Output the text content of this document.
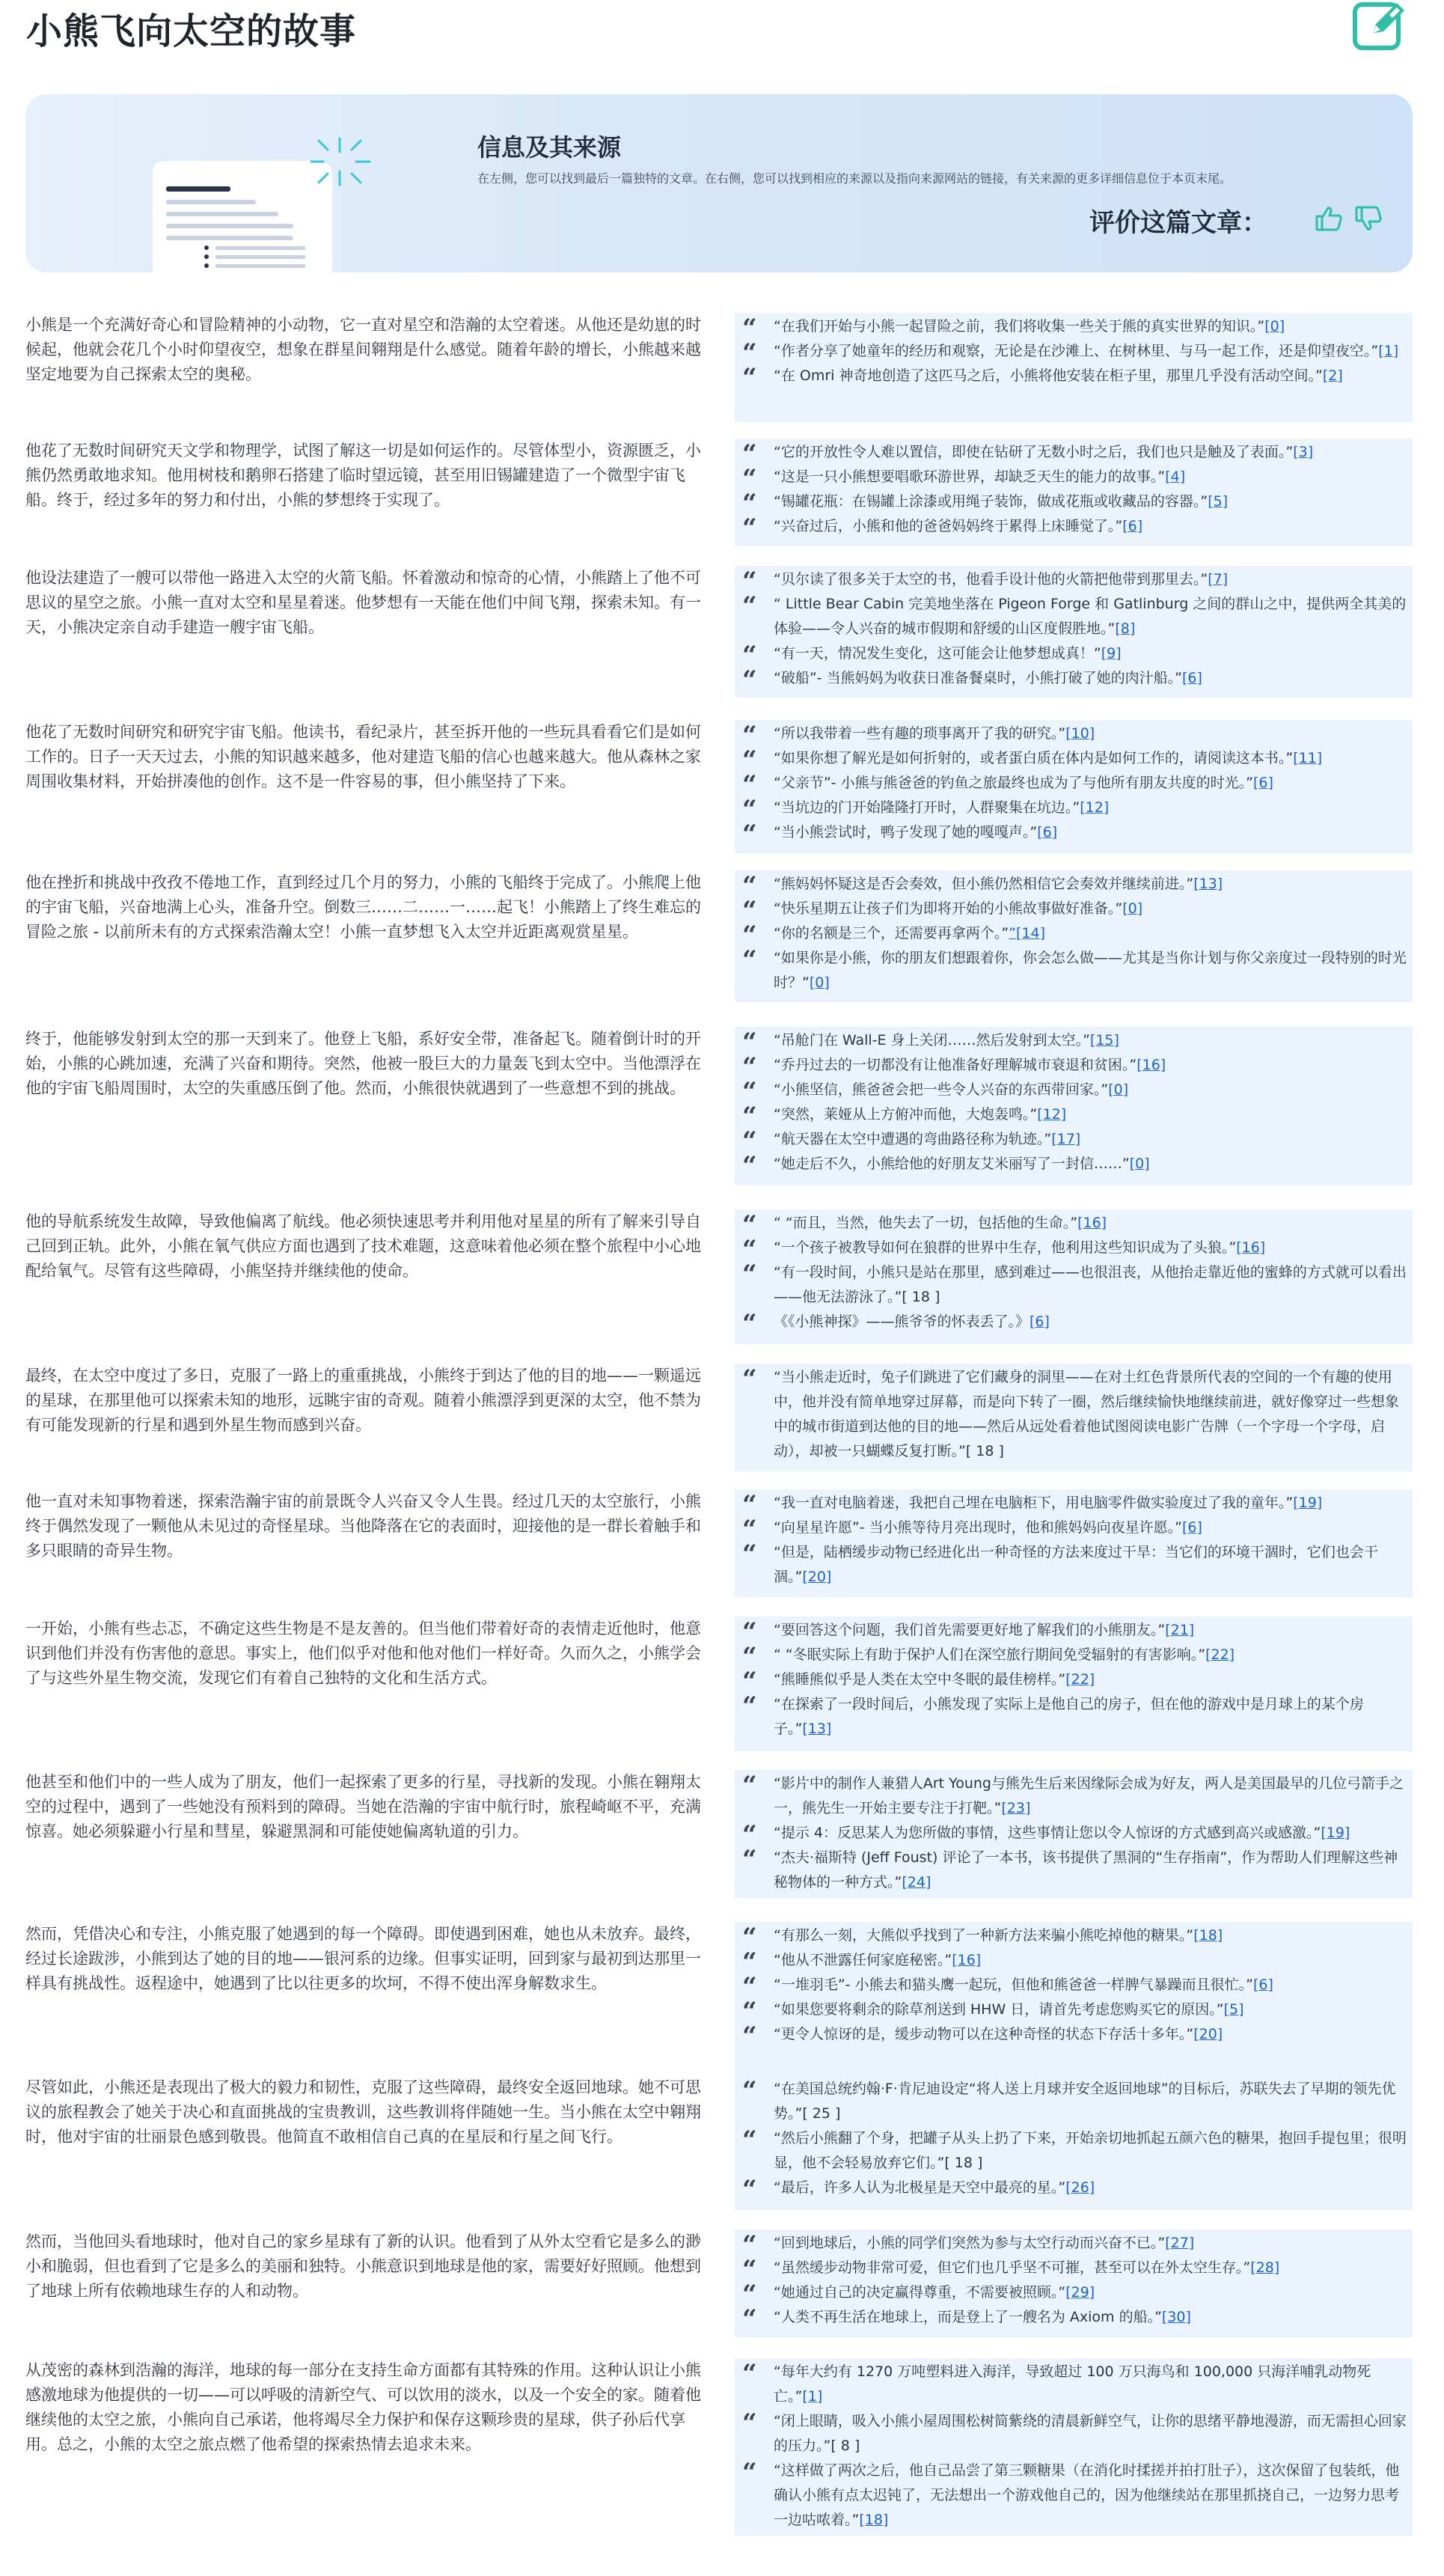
小熊飞向太空的故事
信息及其来源
在左侧，您可以找到最后一篇独特的文章。在右侧，您可以找到相应的来源以及指向来源网站的链接，有关来源的更多详细信息位于本页末尾。
评价这篇文章：
小熊是一个充满好奇心和冒险精神的小动物，它一直对星空和浩瀚的太空着迷。从他还是幼崽的时候起，他就会花几个小时仰望夜空，想象在群星间翱翔是什么感觉。随着年龄的增长，小熊越来越坚定地要为自己探索太空的奥秘。
“ “在我们开始与小熊一起冒险之前，我们将收集一些关于熊的真实世界的知识。”[0]
“ “作者分享了她童年的经历和观察，无论是在沙滩上、在树林里、与马一起工作，还是仰望夜空。”[1]
“ “在 Omri 神奇地创造了这匹马之后，小熊将他安装在柜子里，那里几乎没有活动空间。”[2]
他花了无数时间研究天文学和物理学，试图了解这一切是如何运作的。尽管体型小，资源匮乏，小熊仍然勇敢地求知。他用树枝和鹅卵石搭建了临时望远镜，甚至用旧锡罐建造了一个微型宇宙飞船。终于，经过多年的努力和付出，小熊的梦想终于实现了。
“ “它的开放性令人难以置信，即使在钻研了无数小时之后，我们也只是触及了表面。”[3]
“ “这是一只小熊想要唱歌环游世界，却缺乏天生的能力的故事。”[4]
“ “锡罐花瓶：在锡罐上涂漆或用绳子装饰，做成花瓶或收藏品的容器。”[5]
“ “兴奋过后，小熊和他的爸爸妈妈终于累得上床睡觉了。”[6]
他设法建造了一艘可以带他一路进入太空的火箭飞船。怀着激动和惊奇的心情，小熊踏上了他不可思议的星空之旅。小熊一直对太空和星星着迷。他梦想有一天能在他们中间飞翔，探索未知。有一天，小熊决定亲自动手建造一艘宇宙飞船。
“ “贝尔读了很多关于太空的书，他看手设计他的火箭把他带到那里去。”[7]
“ “ Little Bear Cabin 完美地坐落在 Pigeon Forge 和 Gatlinburg 之间的群山之中，提供两全其美的体验——令人兴奋的城市假期和舒缓的山区度假胜地。”[8]
“ “有一天，情况发生变化，这可能会让他梦想成真！”[9]
“ “破船”- 当熊妈妈为收获日准备餐桌时，小熊打破了她的肉汁船。”[6]
他花了无数时间研究和研究宇宙飞船。他读书，看纪录片，甚至拆开他的一些玩具看看它们是如何工作的。日子一天天过去，小熊的知识越来越多，他对建造飞船的信心也越来越大。他从森林之家周围收集材料，开始拼凑他的创作。这不是一件容易的事，但小熊坚持了下来。
“ “所以我带着一些有趣的琐事离开了我的研究。”[10]
“ “如果你想了解光是如何折射的，或者蛋白质在体内是如何工作的，请阅读这本书。”[11]
“ “父亲节”- 小熊与熊爸爸的钓鱼之旅最终也成为了与他所有朋友共度的时光。”[6]
“ “当坑边的门开始隆隆打开时，人群聚集在坑边。”[12]
“ “当小熊尝试时，鸭子发现了她的嘎嘎声。”[6]
他在挫折和挑战中孜孜不倦地工作，直到经过几个月的努力，小熊的飞船终于完成了。小熊爬上他的宇宙飞船，兴奋地满上心头，准备升空。倒数三……二……一……起飞！小熊踏上了终生难忘的冒险之旅 - 以前所未有的方式探索浩瀚太空！小熊一直梦想飞入太空并近距离观赏星星。
“ “熊妈妈怀疑这是否会奏效，但小熊仍然相信它会奏效并继续前进。”[13]
“ “快乐星期五让孩子们为即将开始的小熊故事做好准备。”[0]
“ “你的名额是三个，还需要再拿两个。””[14]
“ “如果你是小熊，你的朋友们想跟着你，你会怎么做——尤其是当你计划与你父亲度过一段特别的时光时？”[0]
终于，他能够发射到太空的那一天到来了。他登上飞船，系好安全带，准备起飞。随着倒计时的开始，小熊的心跳加速，充满了兴奋和期待。突然，他被一股巨大的力量轰飞到太空中。当他漂浮在他的宇宙飞船周围时，太空的失重感压倒了他。然而，小熊很快就遇到了一些意想不到的挑战。
“ “吊舱门在 Wall-E 身上关闭……然后发射到太空。”[15]
“ “乔丹过去的一切都没有让他准备好理解城市衰退和贫困。”[16]
“ “小熊坚信，熊爸爸会把一些令人兴奋的东西带回家。”[0]
“ “突然，莱娅从上方俯冲而他，大炮轰鸣。”[12]
“ “航天器在太空中遭遇的弯曲路径称为轨迹。”[17]
“ “她走后不久，小熊给他的好朋友艾米丽写了一封信……”[0]
他的导航系统发生故障，导致他偏离了航线。他必须快速思考并利用他对星星的所有了解来引导自己回到正轨。此外，小熊在氧气供应方面也遇到了技术难题，这意味着他必须在整个旅程中小心地配给氧气。尽管有这些障碍，小熊坚持并继续他的使命。
“ “ “而且，当然，他失去了一切，包括他的生命。”[16]
“ “一个孩子被教导如何在狼群的世界中生存，他利用这些知识成为了头狼。”[16]
“ “有一段时间，小熊只是站在那里，感到难过——也很沮丧，从他抬走靠近他的蜜蜂的方式就可以看出——他无法游泳了。”[ 18 ]
“ 《《小熊神探》——熊爷爷的怀表丢了。》[6]
最终，在太空中度过了多日，克服了一路上的重重挑战，小熊终于到达了他的目的地——一颗遥远的星球，在那里他可以探索未知的地形，远眺宇宙的奇观。随着小熊漂浮到更深的太空，他不禁为有可能发现新的行星和遇到外星生物而感到兴奋。
“ “当小熊走近时，兔子们跳进了它们藏身的洞里——在对土红色背景所代表的空间的一个有趣的使用中，他并没有简单地穿过屏幕，而是向下转了一圈，然后继续愉快地继续前进，就好像穿过一些想象中的城市街道到达他的目的地——然后从远处看着他试图阅读电影广告牌（一个字母一个字母，启动），却被一只蝴蝶反复打断。”[ 18 ]
他一直对未知事物着迷，探索浩瀚宇宙的前景既令人兴奋又令人生畏。经过几天的太空旅行，小熊终于偶然发现了一颗他从未见过的奇怪星球。当他降落在它的表面时，迎接他的是一群长着触手和多只眼睛的奇异生物。
“ “我一直对电脑着迷，我把自己埋在电脑柜下，用电脑零件做实验度过了我的童年。”[19]
“ “向星星许愿”- 当小熊等待月亮出现时，他和熊妈妈向夜星许愿。”[6]
“ “但是，陆栖缓步动物已经进化出一种奇怪的方法来度过干旱：当它们的环境干涸时，它们也会干涸。”[20]
一开始，小熊有些忐忑，不确定这些生物是不是友善的。但当他们带着好奇的表情走近他时，他意识到他们并没有伤害他的意思。事实上，他们似乎对他和他对他们一样好奇。久而久之，小熊学会了与这些外星生物交流，发现它们有着自己独特的文化和生活方式。
“ “要回答这个问题，我们首先需要更好地了解我们的小熊朋友。”[21]
“ “ “冬眠实际上有助于保护人们在深空旅行期间免受辐射的有害影响。”[22]
“ “熊睡熊似乎是人类在太空中冬眠的最佳榜样。”[22]
“ “在探索了一段时间后，小熊发现了实际上是他自己的房子，但在他的游戏中是月球上的某个房子。”[13]
他甚至和他们中的一些人成为了朋友，他们一起探索了更多的行星，寻找新的发现。小熊在翱翔太空的过程中，遇到了一些她没有预料到的障碍。当她在浩瀚的宇宙中航行时，旅程崎岖不平，充满惊喜。她必须躲避小行星和彗星，躲避黑洞和可能使她偏离轨道的引力。
“ “影片中的制作人兼猎人Art Young与熊先生后来因缘际会成为好友，两人是美国最早的几位弓箭手之一，熊先生一开始主要专注于打靶。”[23]
“ “提示 4：反思某人为您所做的事情，这些事情让您以令人惊讶的方式感到高兴或感激。”[19]
“ “杰夫·福斯特 (Jeff Foust) 评论了一本书，该书提供了黑洞的“生存指南”，作为帮助人们理解这些神秘物体的一种方式。”[24]
然而，凭借决心和专注，小熊克服了她遇到的每一个障碍。即使遇到困难，她也从未放弃。最终，经过长途跋涉，小熊到达了她的目的地——银河系的边缘。但事实证明，回到家与最初到达那里一样具有挑战性。返程途中，她遇到了比以往更多的坎坷，不得不使出浑身解数求生。
“ “有那么一刻，大熊似乎找到了一种新方法来骗小熊吃掉他的糖果。”[18]
“ “他从不泄露任何家庭秘密。”[16]
“ “一堆羽毛”- 小熊去和猫头鹰一起玩，但他和熊爸爸一样脾气暴躁而且很忙。”[6]
“ “如果您要将剩余的除草剂送到 HHW 日，请首先考虑您购买它的原因。”[5]
“ “更令人惊讶的是，缓步动物可以在这种奇怪的状态下存活十多年。”[20]
尽管如此，小熊还是表现出了极大的毅力和韧性，克服了这些障碍，最终安全返回地球。她不可思议的旅程教会了她关于决心和直面挑战的宝贵教训，这些教训将伴随她一生。当小熊在太空中翱翔时，他对宇宙的壮丽景色感到敬畏。他简直不敢相信自己真的在星辰和行星之间飞行。
“ “在美国总统约翰·F·肯尼迪设定“将人送上月球并安全返回地球”的目标后，苏联失去了早期的领先优势。”[ 25 ]
“ “然后小熊翻了个身，把罐子从头上扔了下来，开始亲切地抓起五颜六色的糖果，抱回手提包里；很明显，他不会轻易放弃它们。”[ 18 ]
“ “最后，许多人认为北极星是天空中最亮的星。”[26]
然而，当他回头看地球时，他对自己的家乡星球有了新的认识。他看到了从外太空看它是多么的渺小和脆弱，但也看到了它是多么的美丽和独特。小熊意识到地球是他的家，需要好好照顾。他想到了地球上所有依赖地球生存的人和动物。
“ “回到地球后，小熊的同学们突然为参与太空行动而兴奋不已。”[27]
“ “虽然缓步动物非常可爱，但它们也几乎坚不可摧，甚至可以在外太空生存。”[28]
“ “她通过自己的决定赢得尊重，不需要被照顾。”[29]
“ “人类不再生活在地球上，而是登上了一艘名为 Axiom 的船。”[30]
从茂密的森林到浩瀚的海洋，地球的每一部分在支持生命方面都有其特殊的作用。这种认识让小熊感激地球为他提供的一切——可以呼吸的清新空气、可以饮用的淡水，以及一个安全的家。随着他继续他的太空之旅，小熊向自己承诺，他将竭尽全力保护和保存这颗珍贵的星球，供子孙后代享用。总之，小熊的太空之旅点燃了他希望的探索热情去追求未来。
“ “每年大约有 1270 万吨塑料进入海洋，导致超过 100 万只海鸟和 100,000 只海洋哺乳动物死亡。”[1]
“ “闭上眼睛，吸入小熊小屋周围松树简紫绕的清晨新鲜空气，让你的思绪平静地漫游，而无需担心回家的压力。”[ 8 ]
“ “这样做了两次之后，他自己品尝了第三颗糖果（在消化时揉搓并拍打肚子），这次保留了包装纸，他确认小熊有点太迟钝了，无法想出一个游戏他自己的，因为他继续站在那里抓挠自己，一边努力思考一边咕哝着。”[18]
